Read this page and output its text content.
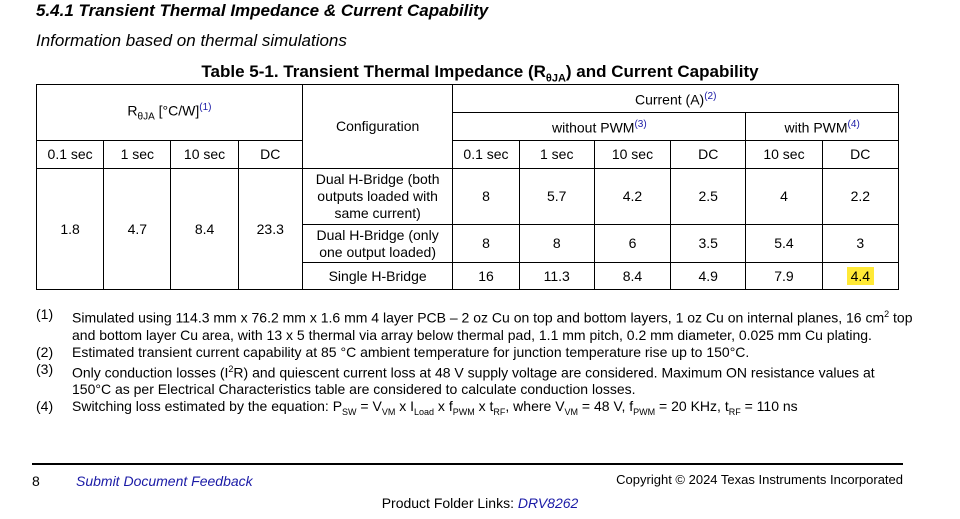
5.4.1 Transient Thermal Impedance & Current Capability
Information based on thermal simulations
Table 5-1. Transient Thermal Impedance $(R_{\theta JA})$ and Current Capability
$R_{\theta JA}$ $[^\circ C/W]^{(1)}$				Configuration	Current $(A)^{(2)}$
					without PWM$^{(3)}$				with PWM$^{(4)}$
0.1 sec	1 sec	10 sec	DC		0.1 sec	1 sec	10 sec	DC	10 sec	DC
1.8	4.7	8.4	23.3	Dual H-Bridge (both outputs loaded with same current)	8	5.7	4.2	2.5	4	2.2
				Dual H-Bridge (only one output loaded)	8	8	6	3.5	5.4	3
				Single H-Bridge	16	11.3	8.4	4.9	7.9	4.4
(1)	Simulated using 114.3 mm x 76.2 mm x 1.6 mm 4 layer PCB – 2 oz Cu on top and bottom layers, 1 oz Cu on internal planes, 16 $cm^2$ top and bottom layer Cu area, with 13 x 5 thermal via array below thermal pad, 1.1 mm pitch, 0.2 mm diameter, 0.025 mm Cu plating.
(2)	Estimated transient current capability at 85 °C ambient temperature for junction temperature rise up to 150°C.
(3)	Only conduction losses $(I^2R)$ and quiescent current loss at 48 V supply voltage are considered. Maximum ON resistance values at 150°C as per Electrical Characteristics table are considered to calculate conduction losses.
(4)	Switching loss estimated by the equation: $P_{SW} = V_{VM}$ x $I_{Load}$ x $f_{PWM}$ x $t_{RF}$, where $V_{VM} = 48$ V, $f_{PWM} = 20$ KHz, $t_{RF} = 110$ ns
8	Submit Document Feedback	Copyright © 2024 Texas Instruments Incorporated
Product Folder Links: DRV8262
